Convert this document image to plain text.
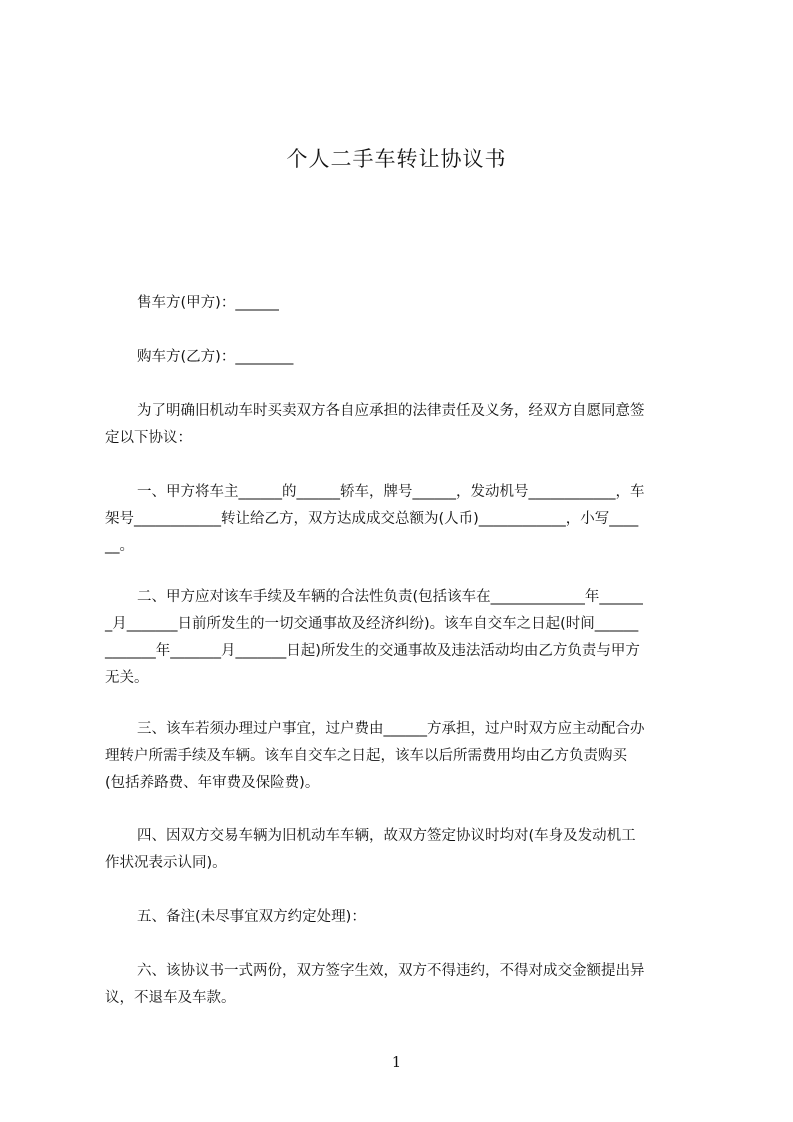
个人二手车转让协议书
售车方(甲方)：______
购车方(乙方)：________
为了明确旧机动车时买卖双方各自应承担的法律责任及义务，经双方自愿同意签
定以下协议：
一、甲方将车主______的______轿车，牌号______，发动机号____________，车
架号____________转让给乙方，双方达成成交总额为(人币)____________，小写____
__。
二、甲方应对该车手续及车辆的合法性负责(包括该车在_____________年______
_月_______日前所发生的一切交通事故及经济纠纷)。该车自交车之日起(时间______
_______年_______月_______日起)所发生的交通事故及违法活动均由乙方负责与甲方
无关。
三、该车若须办理过户事宜，过户费由______方承担，过户时双方应主动配合办
理转户所需手续及车辆。该车自交车之日起，该车以后所需费用均由乙方负责购买
(包括养路费、年审费及保险费)。
四、因双方交易车辆为旧机动车车辆，故双方签定协议时均对(车身及发动机工
作状况表示认同)。
五、备注(未尽事宜双方约定处理)：
六、该协议书一式两份，双方签字生效，双方不得违约，不得对成交金额提出异
议，不退车及车款。
1
